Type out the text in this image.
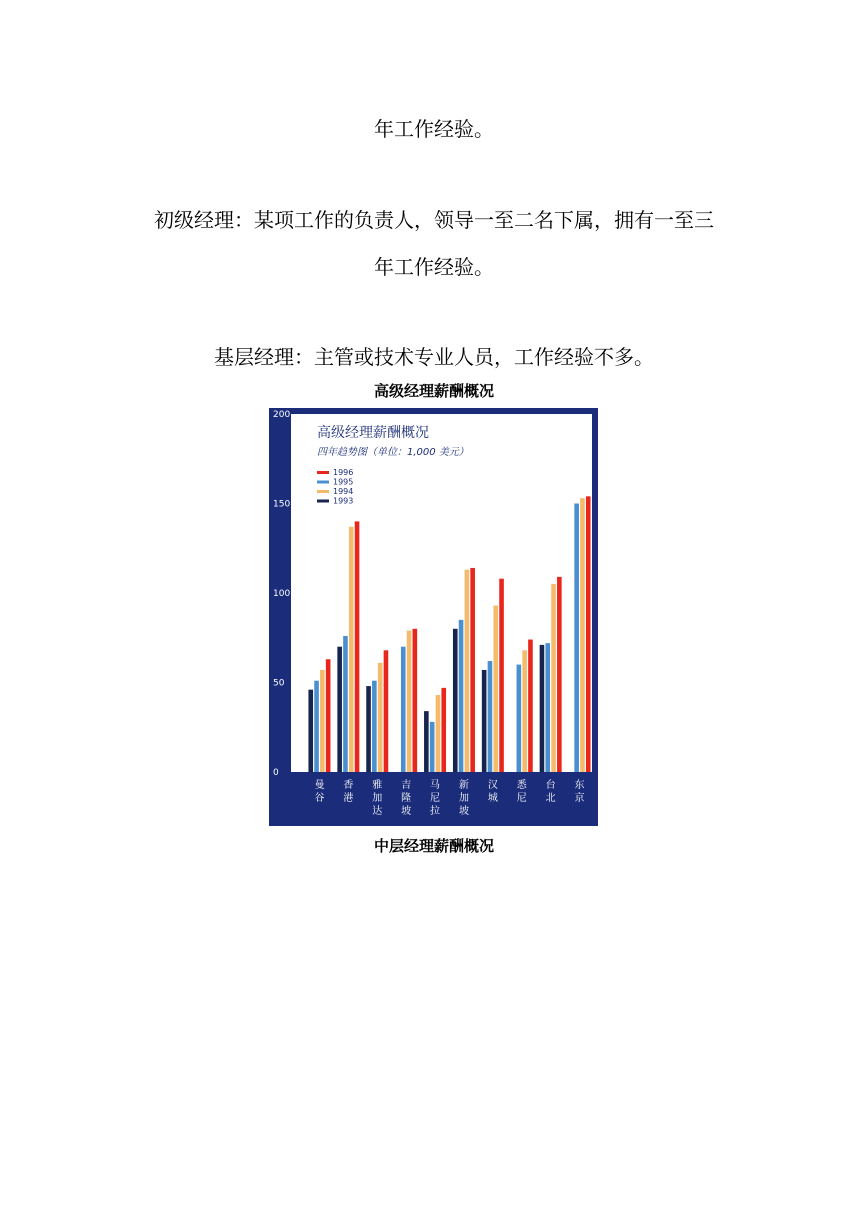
年工作经验。
初级经理：某项工作的负责人，领导一至二名下属，拥有一至三
年工作经验。
基层经理：主管或技术专业人员，工作经验不多。
高级经理薪酬概况
0
50
100
150
200
曼谷
香港
雅加达
吉隆坡
马尼拉
新加坡
汉城
悉尼
台北
东京
高级经理薪酬概况
四年趋势图（单位：1,000 美元）
1996
1995
1994
1993
中层经理薪酬概况
